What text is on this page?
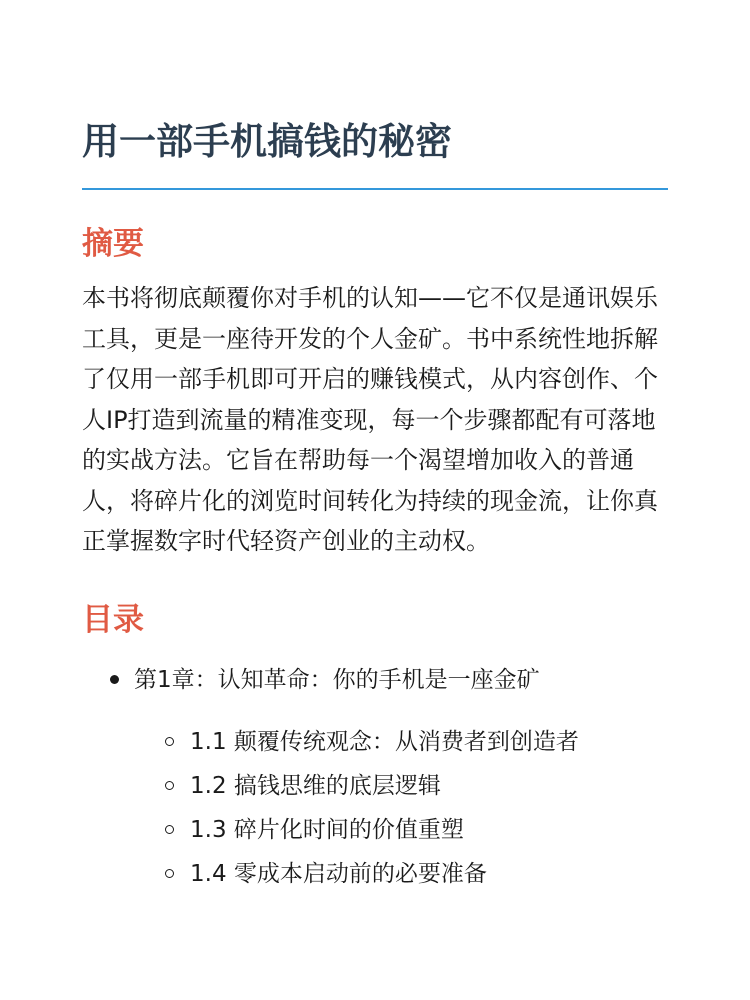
用一部手机搞钱的秘密
摘要

本书将彻底颠覆你对手机的认知——它不仅是通讯娱乐工具，更是一座待开发的个人金矿。书中系统性地拆解了仅用一部手机即可开启的赚钱模式，从内容创作、个人IP打造到流量的精准变现，每一个步骤都配有可落地的实战方法。它旨在帮助每一个渴望增加收入的普通人，将碎片化的浏览时间转化为持续的现金流，让你真正掌握数字时代轻资产创业的主动权。

目录
第1章：认知革命：你的手机是一座金矿
1.1 颠覆传统观念：从消费者到创造者
1.2 搞钱思维的底层逻辑
1.3 碎片化时间的价值重塑
1.4 零成本启动前的必要准备
